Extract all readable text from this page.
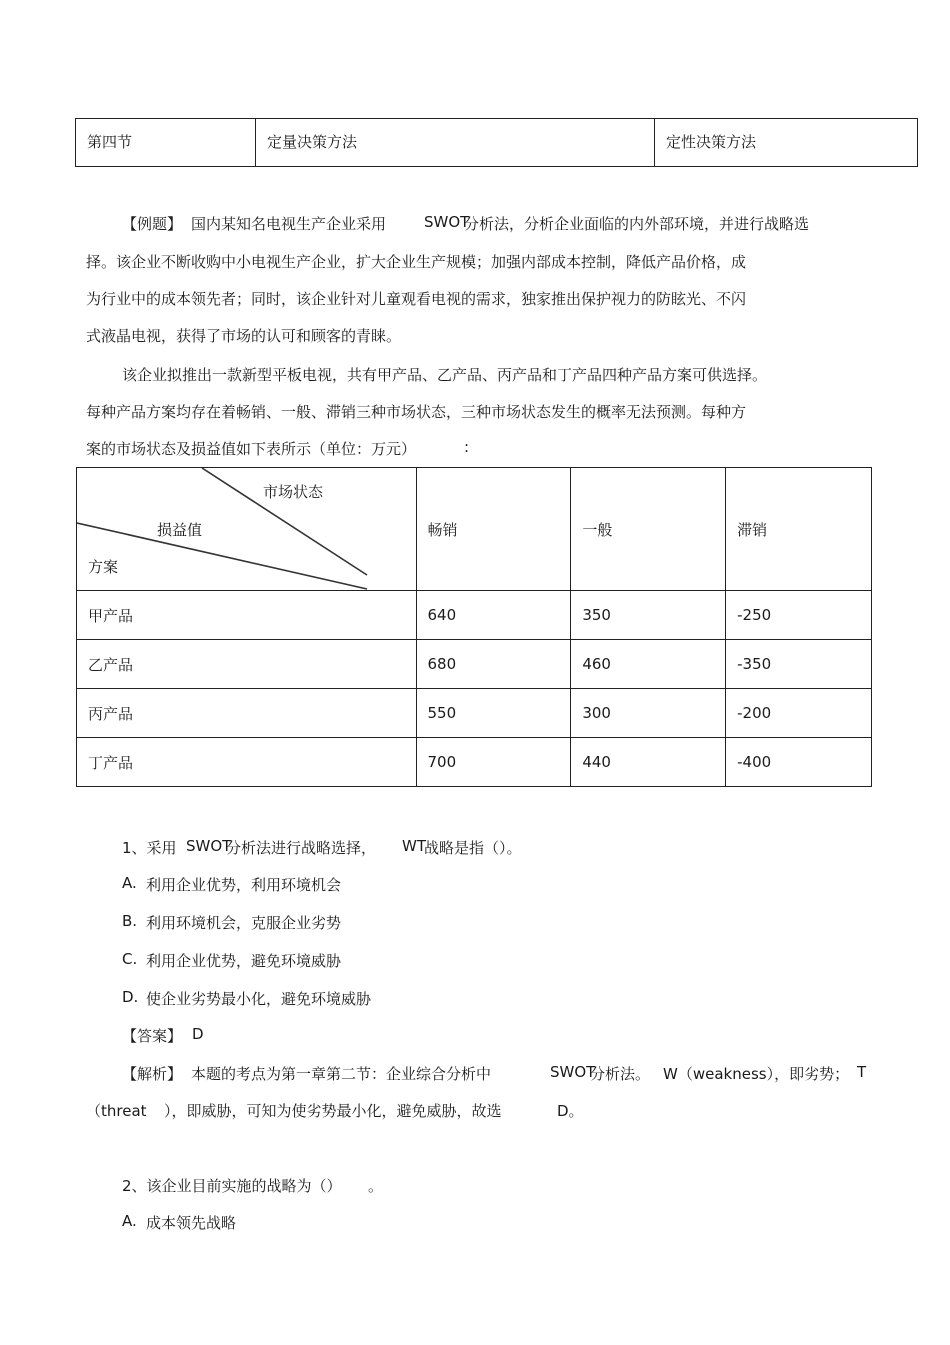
第四节	定量决策方法	定性决策方法
【例题】 国内某知名电视生产企业采用	SWOT
分析法，分析企业面临的内外部环境，并进行战略选
择。该企业不断收购中小电视生产企业，扩大企业生产规模；加强内部成本控制，降低产品价格，成
为行业中的成本领先者；同时，该企业针对儿童观看电视的需求，独家推出保护视力的防眩光、不闪
式液晶电视，获得了市场的认可和顾客的青睐。
该企业拟推出一款新型平板电视，共有甲产品、乙产品、丙产品和丁产品四种产品方案可供选择。
每种产品方案均存在着畅销、一般、滞销三种市场状态，三种市场状态发生的概率无法预测。每种方
案的市场状态及损益值如下表所示（单位：万元）	:
市场状态
损益值
方案	畅销	一般	滞销
甲产品	640	350	-250
乙产品	680	460	-350
丙产品	550	300	-200
丁产品	700	440	-400
1、采用 SWOT
分析法进行战略选择， WT
战略是指（）。
A. 利用企业优势，利用环境机会
B. 利用环境机会，克服企业劣势
C. 利用企业优势，避免环境威胁
D. 使企业劣势最小化，避免环境威胁
【答案】 D
【解析】 本题的考点为第一章第二节：企业综合分析中	SWOT
分析法。 W（weakness），即劣势； T
（threat ），即威胁，可知为使劣势最小化，避免威胁，故选	D。
2、该企业目前实施的战略为（） 。
A. 成本领先战略
